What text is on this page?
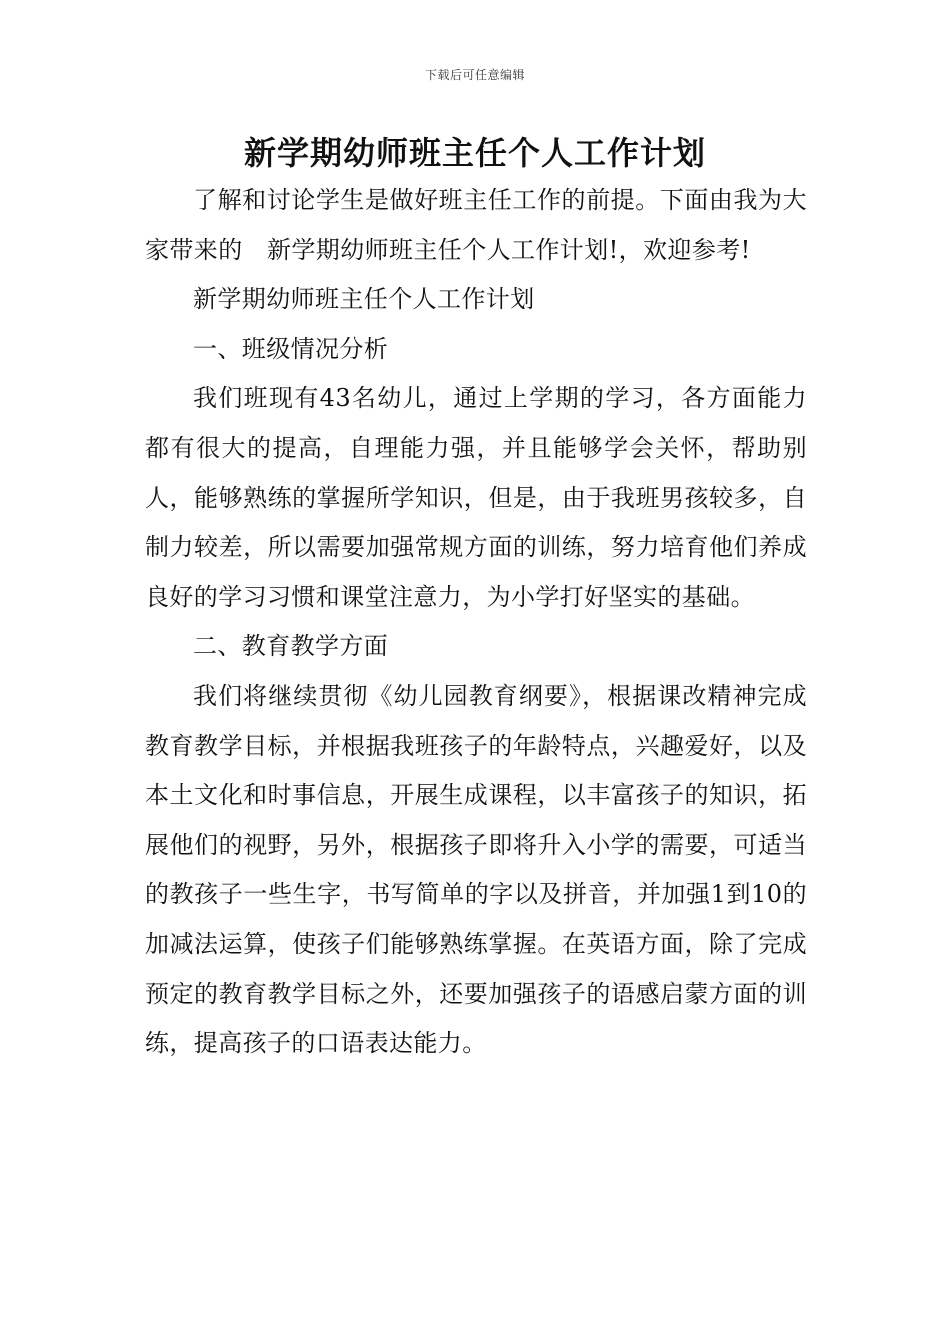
下载后可任意编辑
新学期幼师班主任个人工作计划

了解和讨论学生是做好班主任工作的前提。下面由我为大家带来的　新学期幼师班主任个人工作计划!，欢迎参考!

新学期幼师班主任个人工作计划

一、班级情况分析

我们班现有43名幼儿，通过上学期的学习，各方面能力都有很大的提高，自理能力强，并且能够学会关怀，帮助别人，能够熟练的掌握所学知识，但是，由于我班男孩较多，自制力较差，所以需要加强常规方面的训练，努力培育他们养成良好的学习习惯和课堂注意力，为小学打好坚实的基础。

二、教育教学方面

我们将继续贯彻《幼儿园教育纲要》，根据课改精神完成教育教学目标，并根据我班孩子的年龄特点，兴趣爱好，以及本土文化和时事信息，开展生成课程，以丰富孩子的知识，拓展他们的视野，另外，根据孩子即将升入小学的需要，可适当的教孩子一些生字，书写简单的字以及拼音，并加强1到10的加减法运算，使孩子们能够熟练掌握。在英语方面，除了完成预定的教育教学目标之外，还要加强孩子的语感启蒙方面的训练，提高孩子的口语表达能力。
